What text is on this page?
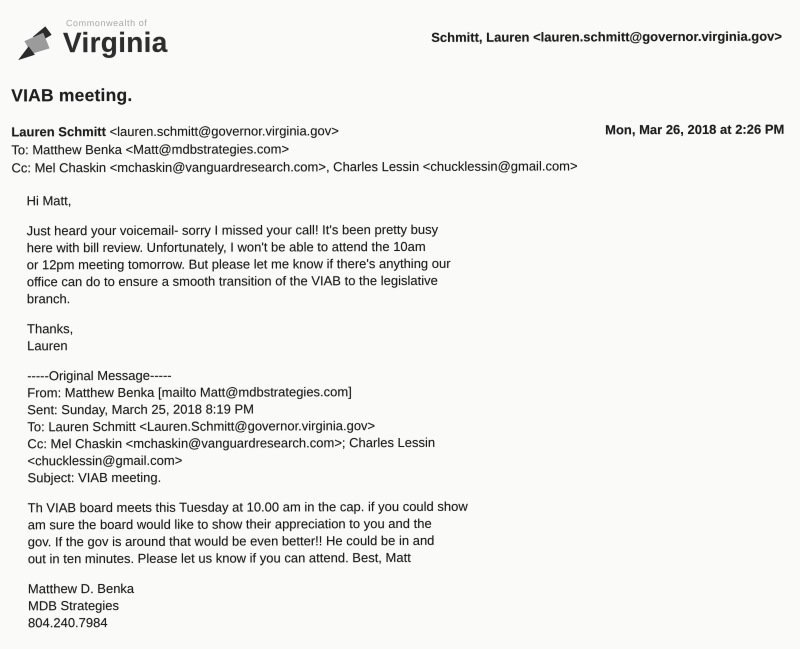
Commonwealth of
Virginia	Schmitt, Lauren <lauren.schmitt@governor.virginia.gov>
VIAB meeting.
Lauren Schmitt <lauren.schmitt@governor.virginia.gov>	Mon, Mar 26, 2018 at 2:26 PM
To: Matthew Benka <Matt@mdbstrategies.com>
Cc: Mel Chaskin <mchaskin@vanguardresearch.com>, Charles Lessin <chucklessin@gmail.com>
Hi Matt,
Just heard your voicemail- sorry I missed your call! It's been pretty busy
here with bill review. Unfortunately, I won't be able to attend the 10am
or 12pm meeting tomorrow. But please let me know if there's anything our
office can do to ensure a smooth transition of the VIAB to the legislative
branch.
Thanks,
Lauren
-----Original Message-----
From: Matthew Benka [mailto Matt@mdbstrategies.com]
Sent: Sunday, March 25, 2018 8:19 PM
To: Lauren Schmitt <Lauren.Schmitt@governor.virginia.gov>
Cc: Mel Chaskin <mchaskin@vanguardresearch.com>; Charles Lessin
<chucklessin@gmail.com>
Subject: VIAB meeting.
Th VIAB board meets this Tuesday at 10.00 am in the cap. if you could show
am sure the board would like to show their appreciation to you and the
gov. If the gov is around that would be even better!! He could be in and
out in ten minutes. Please let us know if you can attend. Best, Matt
Matthew D. Benka
MDB Strategies
804.240.7984
